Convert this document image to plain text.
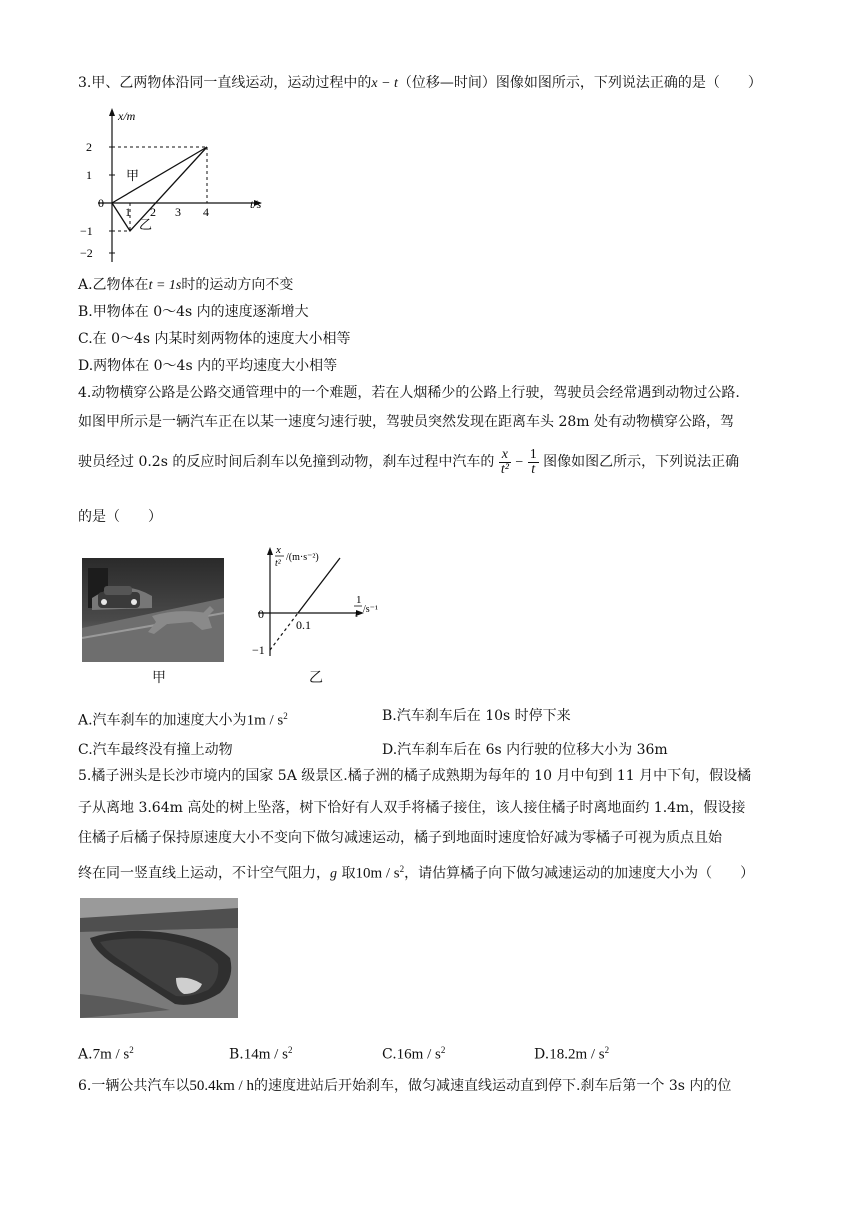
3.甲、乙两物体沿同一直线运动，运动过程中的x − t（位移—时间）图像如图所示，下列说法正确的是（　　）
x/m
t/s
2
1
0
−1
−2
1 2 3 4
甲
乙
A.乙物体在t = 1s时的运动方向不变
B.甲物体在 0～4s 内的速度逐渐增大
C.在 0～4s 内某时刻两物体的速度大小相等
D.两物体在 0～4s 内的平均速度大小相等
4.动物横穿公路是公路交通管理中的一个难题，若在人烟稀少的公路上行驶，驾驶员会经常遇到动物过公路.
如图甲所示是一辆汽车正在以某一速度匀速行驶，驾驶员突然发现在距离车头 28m 处有动物横穿公路，驾
驶员经过 0.2s 的反应时间后刹车以免撞到动物，刹车过程中汽车的 $\frac{x}{\text{t²}} - \frac{1}{t}$ 图像如图乙所示，下列说法正确
的是（　　）
甲
x
t²
/(m·s⁻²)
1
t /s⁻¹
0
0.1
−1
乙
A.汽车刹车的加速度大小为$1m / s^2$	B.汽车刹车后在 10s 时停下来
C.汽车最终没有撞上动物	D.汽车刹车后在 6s 内行驶的位移大小为 36m
5.橘子洲头是长沙市境内的国家 5A 级景区.橘子洲的橘子成熟期为每年的 10 月中旬到 11 月中下旬，假设橘
子从离地 3.64m 高处的树上坠落，树下恰好有人双手将橘子接住，该人接住橘子时离地面约 1.4m，假设接
住橘子后橘子保持原速度大小不变向下做匀减速运动，橘子到地面时速度恰好减为零橘子可视为质点且始
终在同一竖直线上运动，不计空气阻力，g 取$10m / s^2$，请估算橘子向下做匀减速运动的加速度大小为（　　）
$A.7m / s^2$	$B.14m / s^2$	$C.16m / s^2$	$D.18.2m / s^2$
6.一辆公共汽车以50.4km / h的速度进站后开始刹车，做匀减速直线运动直到停下.刹车后第一个 3s 内的位
